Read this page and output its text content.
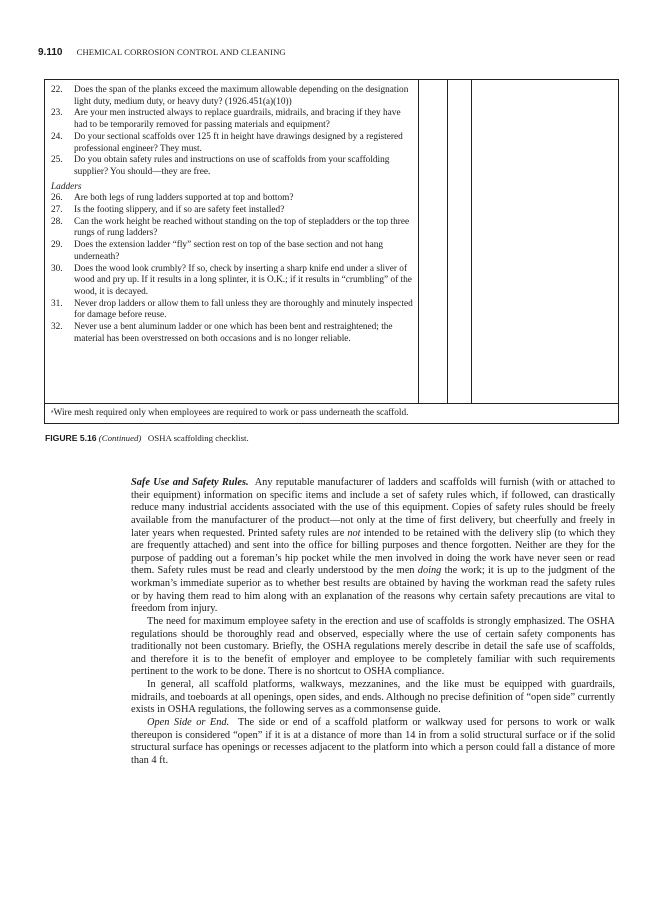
9.110 CHEMICAL CORROSION CONTROL AND CLEANING
22. Does the span of the planks exceed the maximum allowable depending on the designation light duty, medium duty, or heavy duty? (1926.451(a)(10))
23. Are your men instructed always to replace guardrails, midrails, and bracing if they have had to be temporarily removed for passing materials and equipment?
24. Do your sectional scaffolds over 125 ft in height have drawings designed by a registered professional engineer? They must.
25. Do you obtain safety rules and instructions on use of scaffolds from your scaffolding supplier? You should—they are free.
Ladders
26. Are both legs of rung ladders supported at top and bottom?
27. Is the footing slippery, and if so are safety feet installed?
28. Can the work height be reached without standing on the top of stepladders or the top three rungs of rung ladders?
29. Does the extension ladder “fly” section rest on top of the base section and not hang underneath?
30. Does the wood look crumbly? If so, check by inserting a sharp knife end under a sliver of wood and pry up. If it results in a long splinter, it is O.K.; if it results in “crumbling” of the wood, it is decayed.
31. Never drop ladders or allow them to fall unless they are thoroughly and minutely inspected for damage before reuse.
32. Never use a bent aluminum ladder or one which has been bent and restraightened; the material has been overstressed on both occasions and is no longer reliable.
ᵃWire mesh required only when employees are required to work or pass underneath the scaffold.
FIGURE 5.16 (Continued) OSHA scaffolding checklist.

Safe Use and Safety Rules. Any reputable manufacturer of ladders and scaffolds will furnish (with or attached to their equipment) information on specific items and include a set of safety rules which, if followed, can drastically reduce many industrial accidents associated with the use of this equipment. Copies of safety rules should be freely available from the manufacturer of the product—not only at the time of first delivery, but cheerfully and freely in later years when requested. Printed safety rules are not intended to be retained with the delivery slip (to which they are frequently attached) and sent into the office for billing purposes and thence forgotten. Neither are they for the purpose of padding out a foreman’s hip pocket while the men involved in doing the work have never seen or read them. Safety rules must be read and clearly understood by the men doing the work; it is up to the judgment of the workman’s immediate superior as to whether best results are obtained by having the workman read the safety rules or by having them read to him along with an explanation of the reasons why certain safety precautions are vital to freedom from injury.

The need for maximum employee safety in the erection and use of scaffolds is strongly emphasized. The OSHA regulations should be thoroughly read and observed, especially where the use of certain safety components has traditionally not been customary. Briefly, the OSHA regulations merely describe in detail the safe use of scaffolds, and therefore it is to the benefit of employer and employee to be completely familiar with such requirements pertinent to the work to be done. There is no shortcut to OSHA compliance.

In general, all scaffold platforms, walkways, mezzanines, and the like must be equipped with guardrails, midrails, and toeboards at all openings, open sides, and ends. Although no precise definition of “open side” currently exists in OSHA regulations, the following serves as a commonsense guide.

Open Side or End. The side or end of a scaffold platform or walkway used for persons to work or walk thereupon is considered “open” if it is at a distance of more than 14 in from a solid structural surface or if the solid structural surface has openings or recesses adjacent to the platform into which a person could fall a distance of more than 4 ft.
